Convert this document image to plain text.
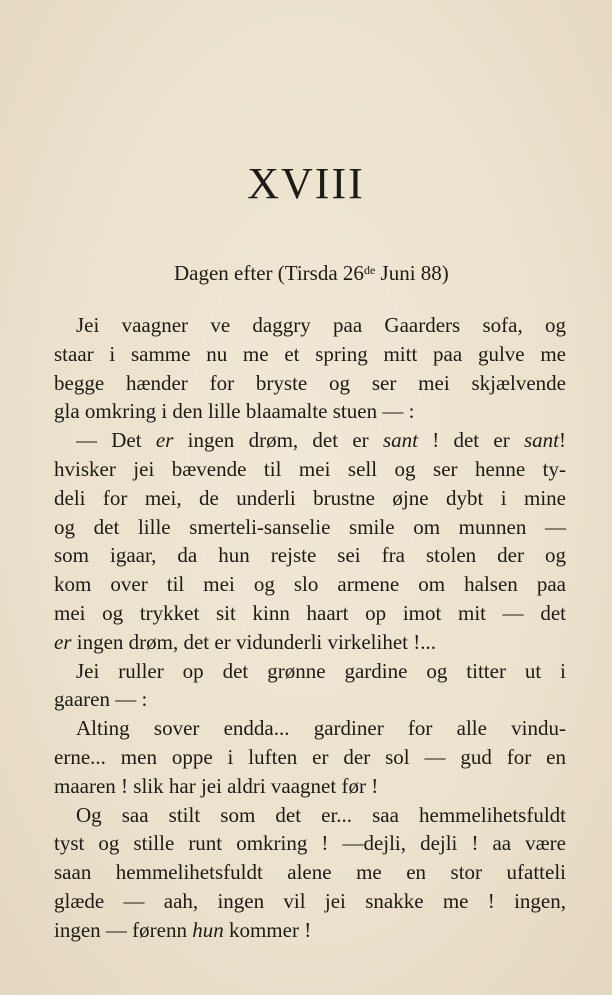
XVIII
Dagen efter (Tirsda 26de Juni 88)
Jei vaagner ve daggry paa Gaarders sofa, og
staar i samme nu me et spring mitt paa gulve me
begge hænder for bryste og ser mei skjælvende
gla omkring i den lille blaamalte stuen — :
— Det er ingen drøm, det er sant ! det er sant!
hvisker jei bævende til mei sell og ser henne ty-
deli for mei, de underli brustne øjne dybt i mine
og det lille smerteli-sanselie smile om munnen —
som igaar, da hun rejste sei fra stolen der og
kom over til mei og slo armene om halsen paa
mei og trykket sit kinn haart op imot mit — det
er ingen drøm, det er vidunderli virkelihet !...
Jei ruller op det grønne gardine og titter ut i
gaaren — :
Alting sover endda... gardiner for alle vindu-
erne... men oppe i luften er der sol — gud for en
maaren ! slik har jei aldri vaagnet før !
Og saa stilt som det er... saa hemmelihetsfuldt
tyst og stille runt omkring ! —dejli, dejli ! aa være
saan hemmelihetsfuldt alene me en stor ufatteli
glæde — aah, ingen vil jei snakke me ! ingen,
ingen — førenn hun kommer !
